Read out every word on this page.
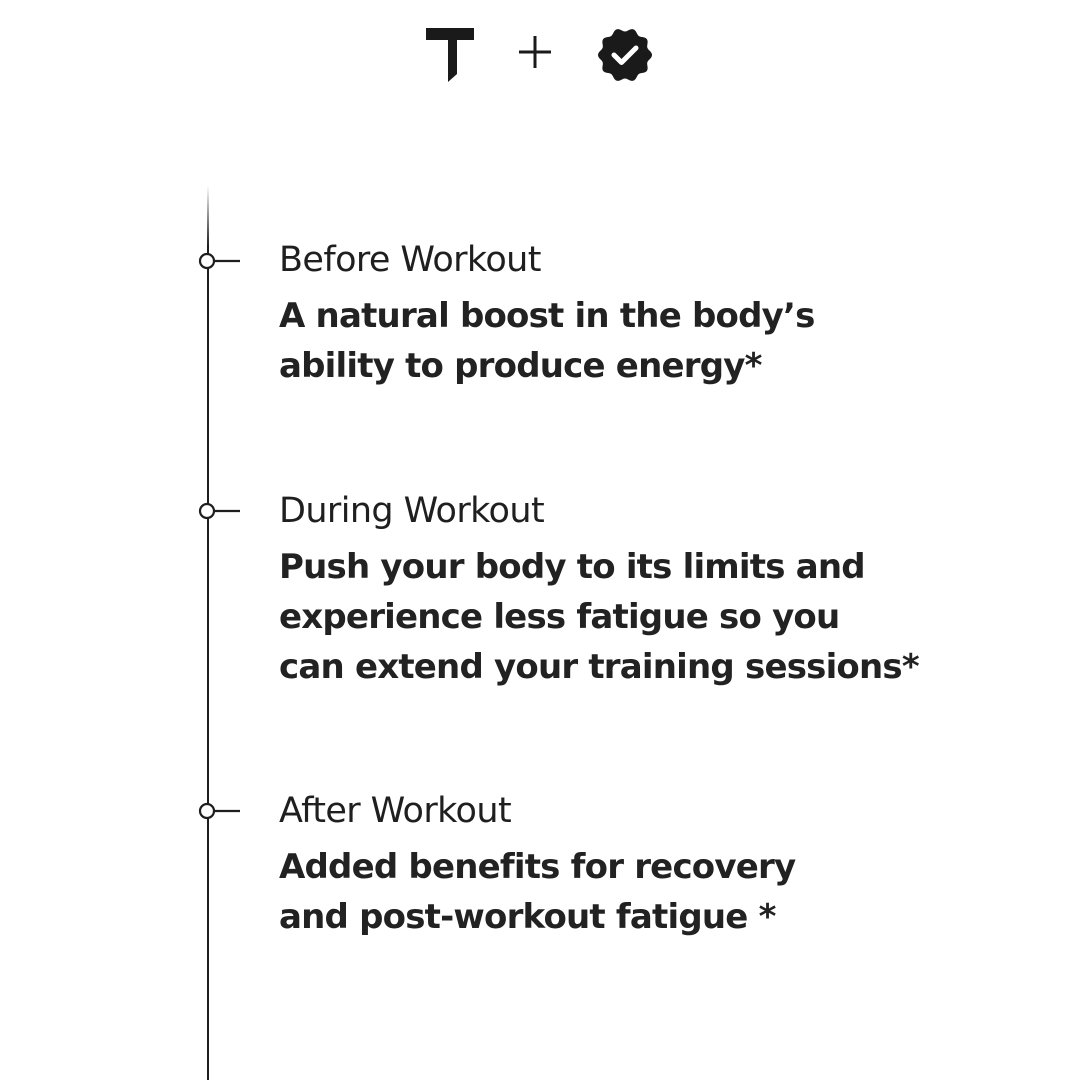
Before Workout
A natural boost in the body’s
ability to produce energy*
During Workout
Push your body to its limits and
experience less fatigue so you
can extend your training sessions*
After Workout
Added benefits for recovery
and post-workout fatigue *
